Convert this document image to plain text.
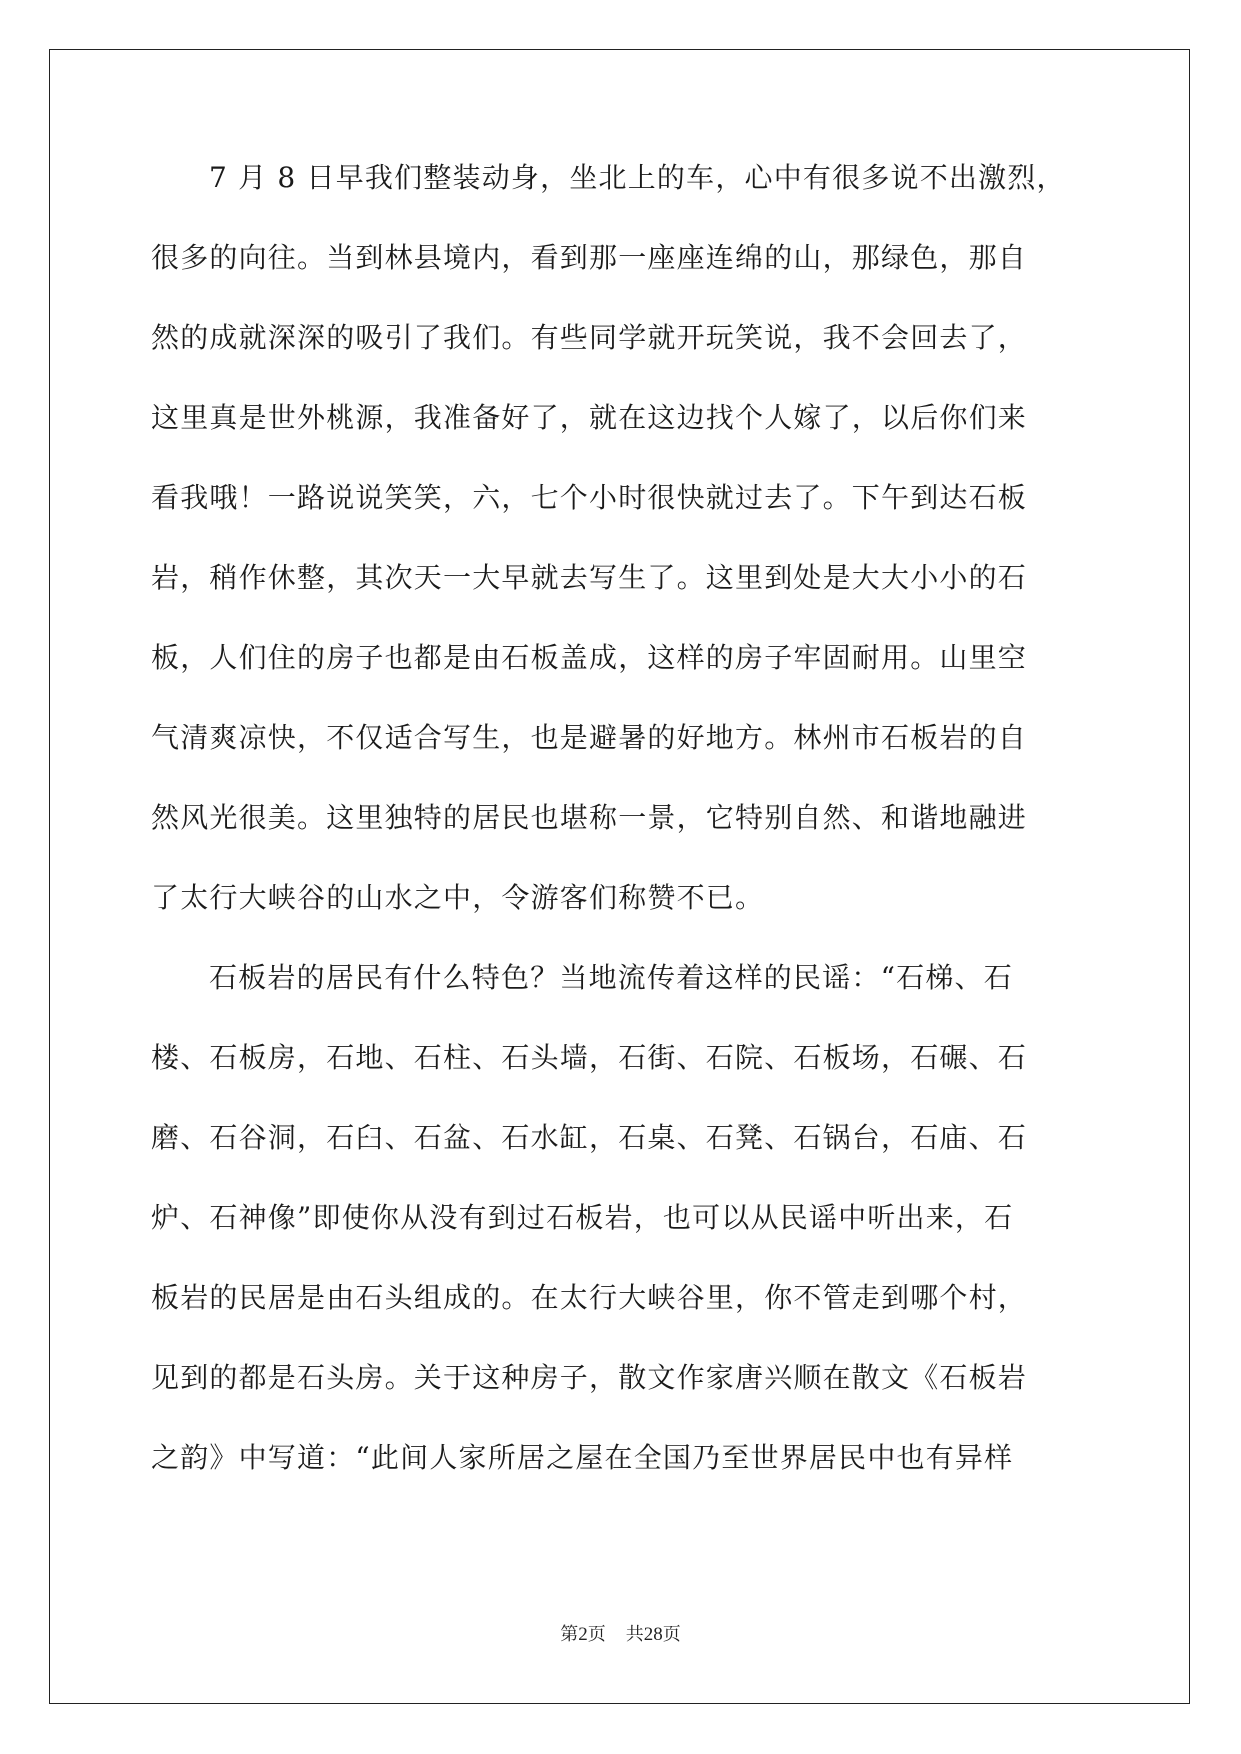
7 月 8 日早我们整装动身，坐北上的车，心中有很多说不出激烈，
很多的向往。当到林县境内，看到那一座座连绵的山，那绿色，那自
然的成就深深的吸引了我们。有些同学就开玩笑说，我不会回去了，
这里真是世外桃源，我准备好了，就在这边找个人嫁了，以后你们来
看我哦！一路说说笑笑，六，七个小时很快就过去了。下午到达石板
岩，稍作休整，其次天一大早就去写生了。这里到处是大大小小的石
板，人们住的房子也都是由石板盖成，这样的房子牢固耐用。山里空
气清爽凉快，不仅适合写生，也是避暑的好地方。林州市石板岩的自
然风光很美。这里独特的居民也堪称一景，它特别自然、和谐地融进
了太行大峡谷的山水之中，令游客们称赞不已。
石板岩的居民有什么特色？当地流传着这样的民谣：“石梯、石
楼、石板房，石地、石柱、石头墙，石街、石院、石板场，石碾、石
磨、石谷洞，石臼、石盆、石水缸，石桌、石凳、石锅台，石庙、石
炉、石神像”即使你从没有到过石板岩，也可以从民谣中听出来，石
板岩的民居是由石头组成的。在太行大峡谷里，你不管走到哪个村，
见到的都是石头房。关于这种房子，散文作家唐兴顺在散文《石板岩
之韵》中写道：“此间人家所居之屋在全国乃至世界居民中也有异样
第2页 共28页
